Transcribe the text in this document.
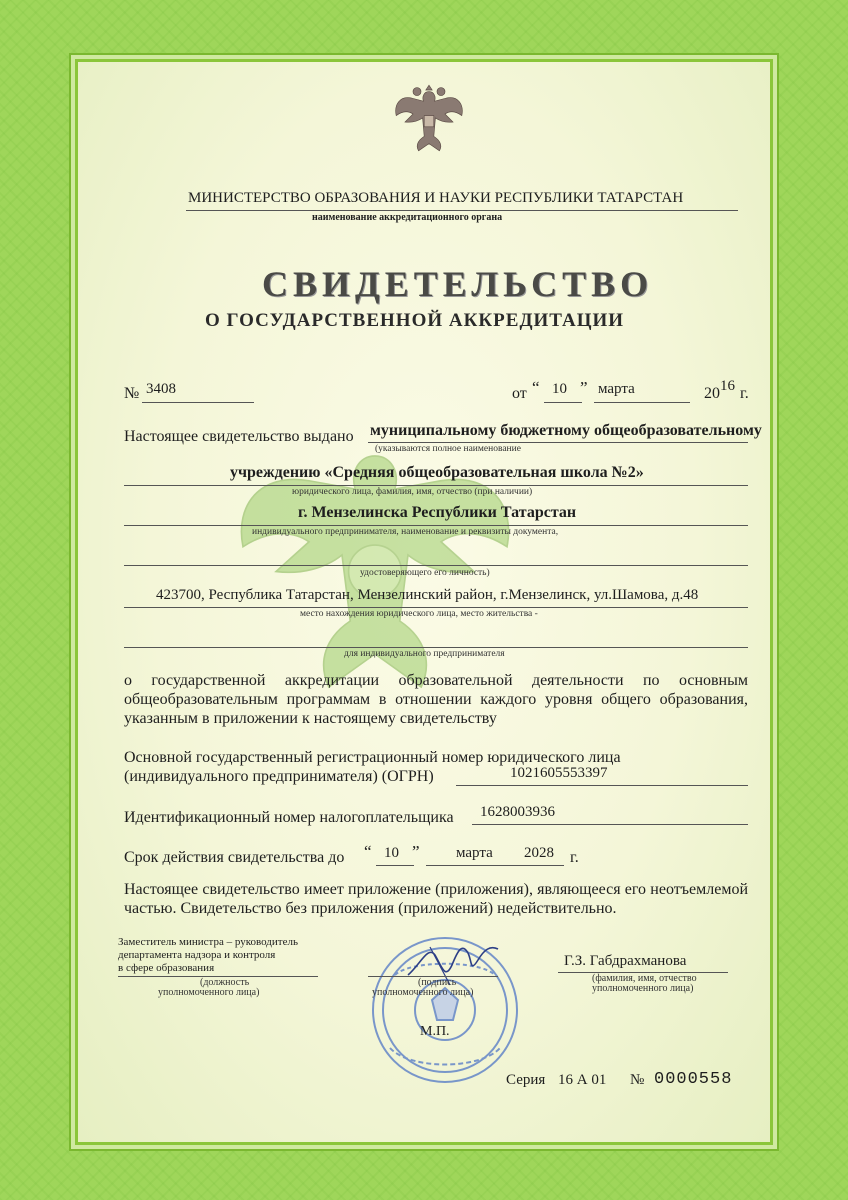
МИНИСТЕРСТВО ОБРАЗОВАНИЯ И НАУКИ РЕСПУБЛИКИ ТАТАРСТАН
наименование аккредитационного органа
СВИДЕТЕЛЬСТВО
О ГОСУДАРСТВЕННОЙ АККРЕДИТАЦИИ
№ 3408	от “ 10 ” марта	20 16 г.
Настоящее свидетельство выдано муниципальному бюджетному общеобразовательному
(указываются полное наименование
учреждению «Средняя общеобразовательная школа №2»
юридического лица, фамилия, имя, отчество (при наличии)
г. Мензелинска Республики Татарстан
индивидуального предпринимателя, наименование и реквизиты документа,
удостоверяющего его личность)
423700, Республика Татарстан, Мензелинский район, г.Мензелинск, ул.Шамова, д.48
место нахождения юридического лица, место жительства -
для индивидуального предпринимателя
о государственной аккредитации образовательной деятельности по основным общеобразовательным программам в отношении каждого уровня общего образования, указанным в приложении к настоящему свидетельству
Основной государственный регистрационный номер юридического лица
(индивидуального предпринимателя) (ОГРН)	1021605553397
Идентификационный номер налогоплательщика 1628003936
Срок действия свидетельства до “ 10 ” марта 2028 г.
Настоящее свидетельство имеет приложение (приложения), являющееся его неотъемлемой частью. Свидетельство без приложения (приложений) недействительно.
Заместитель министра – руководитель
департамента надзора и контроля
в сфере образования
(должность
уполномоченного лица)
(подпись
уполномоченного лица)
Г.З. Габдрахманова
(фамилия, имя, отчество
уполномоченного лица)
М.П.
Серия 16 А 01 № 0000558
